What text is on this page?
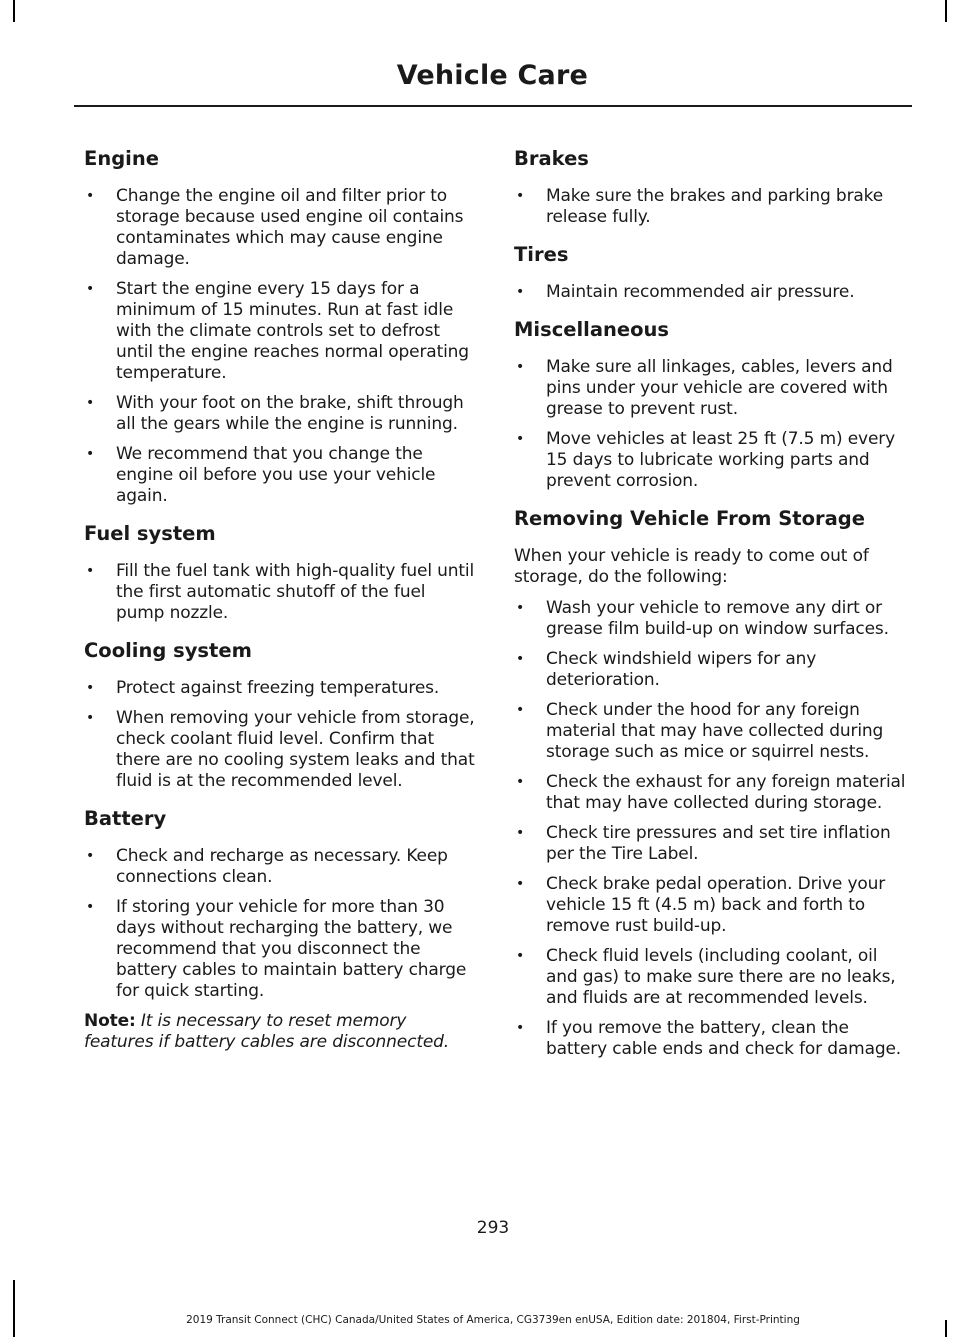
Vehicle Care
Engine
• Change the engine oil and filter prior to storage because used engine oil contains contaminates which may cause engine damage.
• Start the engine every 15 days for a minimum of 15 minutes. Run at fast idle with the climate controls set to defrost until the engine reaches normal operating temperature.
• With your foot on the brake, shift through all the gears while the engine is running.
• We recommend that you change the engine oil before you use your vehicle again.
Fuel system
• Fill the fuel tank with high-quality fuel until the first automatic shutoff of the fuel pump nozzle.
Cooling system
• Protect against freezing temperatures.
• When removing your vehicle from storage, check coolant fluid level. Confirm that there are no cooling system leaks and that fluid is at the recommended level.
Battery
• Check and recharge as necessary. Keep connections clean.
• If storing your vehicle for more than 30 days without recharging the battery, we recommend that you disconnect the battery cables to maintain battery charge for quick starting.
Note: It is necessary to reset memory features if battery cables are disconnected.
Brakes
• Make sure the brakes and parking brake release fully.
Tires
• Maintain recommended air pressure.
Miscellaneous
• Make sure all linkages, cables, levers and pins under your vehicle are covered with grease to prevent rust.
• Move vehicles at least 25 ft (7.5 m) every 15 days to lubricate working parts and prevent corrosion.
Removing Vehicle From Storage

When your vehicle is ready to come out of storage, do the following:

• Wash your vehicle to remove any dirt or grease film build-up on window surfaces.
• Check windshield wipers for any deterioration.
• Check under the hood for any foreign material that may have collected during storage such as mice or squirrel nests.
• Check the exhaust for any foreign material that may have collected during storage.
• Check tire pressures and set tire inflation per the Tire Label.
• Check brake pedal operation. Drive your vehicle 15 ft (4.5 m) back and forth to remove rust build-up.
• Check fluid levels (including coolant, oil and gas) to make sure there are no leaks, and fluids are at recommended levels.
• If you remove the battery, clean the battery cable ends and check for damage.
293
2019 Transit Connect (CHC) Canada/United States of America, CG3739en enUSA, Edition date: 201804, First-Printing
